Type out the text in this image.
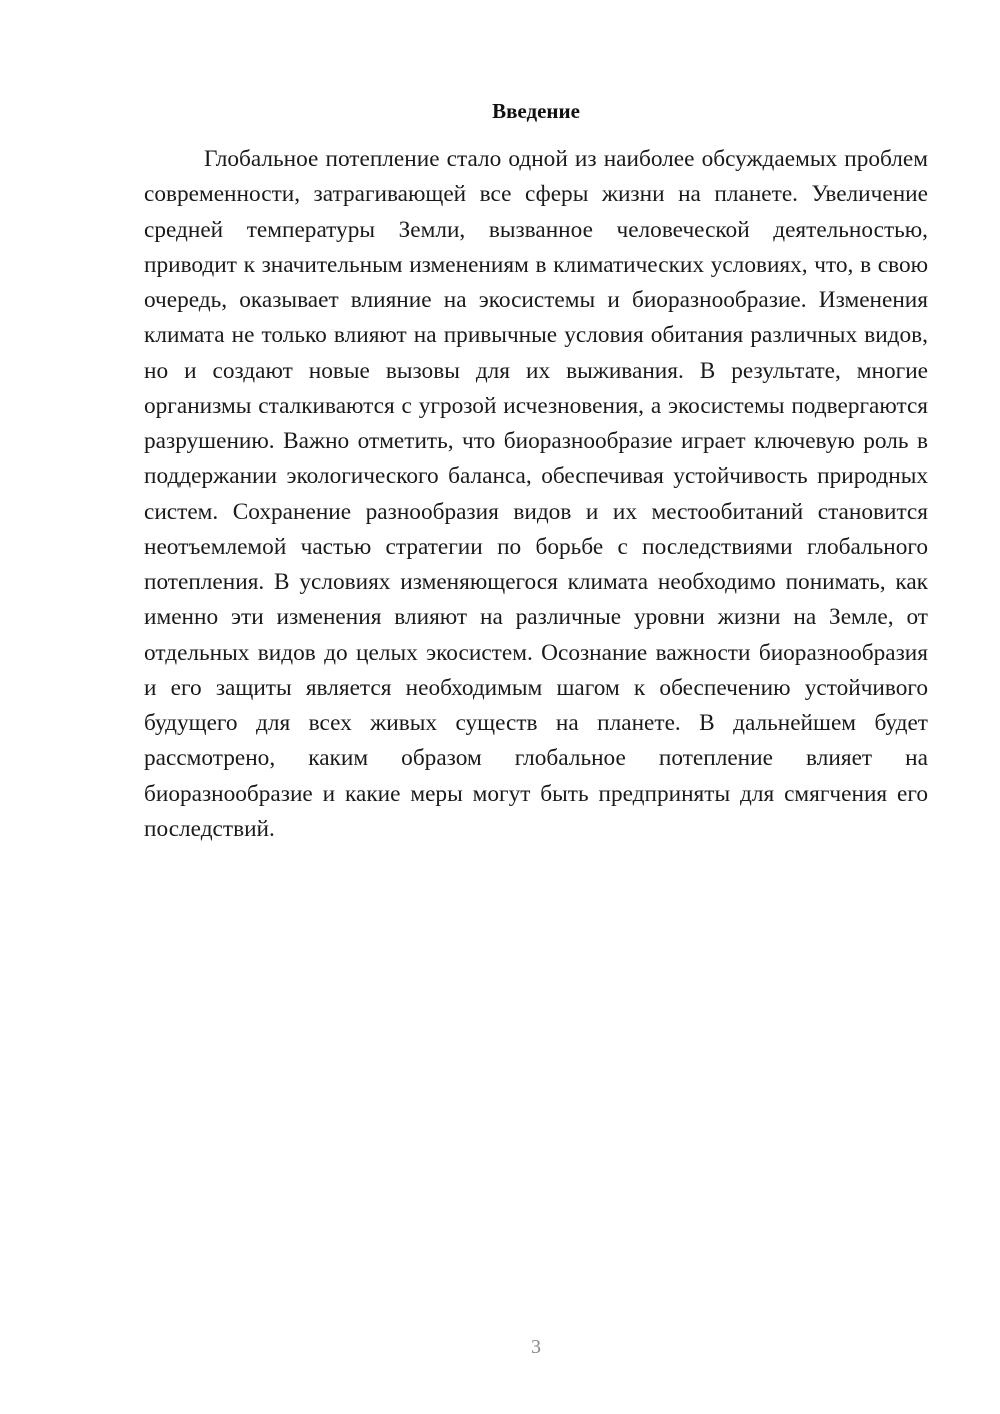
Введение

Глобальное потепление стало одной из наиболее обсуждаемых проблем современности, затрагивающей все сферы жизни на планете. Увеличение средней температуры Земли, вызванное человеческой деятельностью, приводит к значительным изменениям в климатических условиях, что, в свою очередь, оказывает влияние на экосистемы и биоразнообразие. Изменения климата не только влияют на привычные условия обитания различных видов, но и создают новые вызовы для их выживания. В результате, многие организмы сталкиваются с угрозой исчезновения, а экосистемы подвергаются разрушению. Важно отметить, что биоразнообразие играет ключевую роль в поддержании экологического баланса, обеспечивая устойчивость природных систем. Сохранение разнообразия видов и их местообитаний становится неотъемлемой частью стратегии по борьбе с последствиями глобального потепления. В условиях изменяющегося климата необходимо понимать, как именно эти изменения влияют на различные уровни жизни на Земле, от отдельных видов до целых экосистем. Осознание важности биоразнообразия и его защиты является необходимым шагом к обеспечению устойчивого будущего для всех живых существ на планете. В дальнейшем будет рассмотрено, каким образом глобальное потепление влияет на биоразнообразие и какие меры могут быть предприняты для смягчения его последствий.

3
